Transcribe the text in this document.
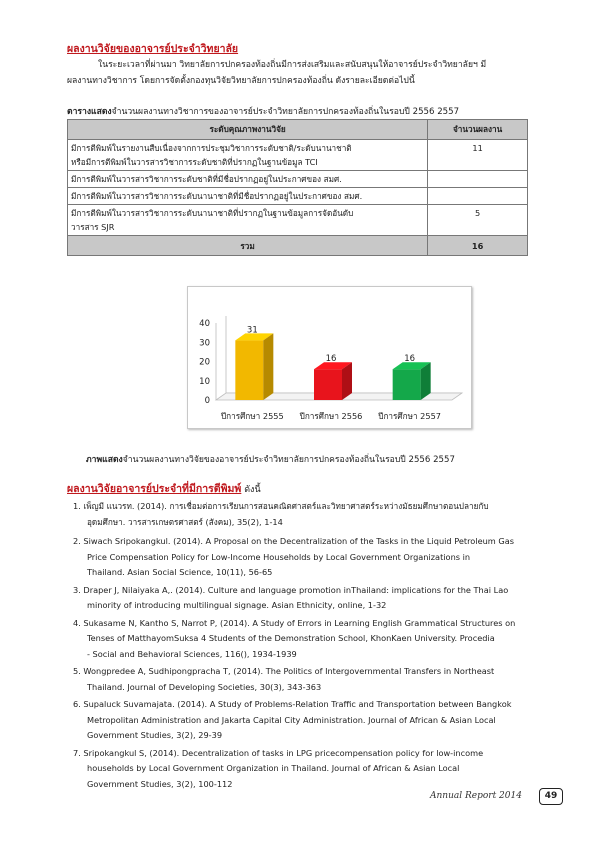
ผลงานวิจัยของอาจารย์ประจำวิทยาลัย
ในระยะเวลาที่ผ่านมา วิทยาลัยการปกครองท้องถิ่นมีการส่งเสริมและสนับสนุนให้อาจารย์ประจำวิทยาลัยฯ มี
ผลงานทางวิชาการ โดยการจัดตั้งกองทุนวิจัยวิทยาลัยการปกครองท้องถิ่น ดังรายละเอียดต่อไปนี้
ตารางแสดงจำนวนผลงานทางวิชาการของอาจารย์ประจำวิทยาลัยการปกครองท้องถิ่นในรอบปี 2556 2557
ระดับคุณภาพงานวิจัย	จำนวนผลงาน

มีการตีพิมพ์ในรายงานสืบเนื่องจากการประชุมวิชาการระดับชาติ/ระดับนานาชาติ
หรือมีการตีพิมพ์ในวารสารวิชาการระดับชาติที่ปรากฏในฐานข้อมูล TCI	11

มีการตีพิมพ์ในวารสารวิชาการระดับชาติที่มีชื่อปรากฏอยู่ในประกาศของ สมศ.	

มีการตีพิมพ์ในวารสารวิชาการระดับนานาชาติที่มีชื่อปรากฏอยู่ในประกาศของ สมศ.	

มีการตีพิมพ์ในวารสารวิชาการระดับนานาชาติที่ปรากฏในฐานข้อมูลการจัดอันดับ
วารสาร SJR	5
รวม	16
0
10
20
30
40
31
ปีการศึกษา 2555
16
ปีการศึกษา 2556
16
ปีการศึกษา 2557
ภาพแสดงจำนวนผลงานทางวิจัยของอาจารย์ประจำวิทยาลัยการปกครองท้องถิ่นในรอบปี 2556 2557
ผลงานวิจัยอาจารย์ประจำที่มีการตีพิมพ์ ดังนี้
1. เพ็ญมี แนวรท. (2014). การเชื่อมต่อการเรียนการสอนคณิตศาสตร์และวิทยาศาสตร์ระหว่างมัธยมศึกษาตอนปลายกับ
อุดมศึกษา. วารสารเกษตรศาสตร์ (สังคม), 35(2), 1-14
2. Siwach Sripokangkul. (2014). A Proposal on the Decentralization of the Tasks in the Liquid Petroleum Gas
Price Compensation Policy for Low-Income Households by Local Government Organizations in
Thailand. Asian Social Science, 10(11), 56-65
3. Draper J, Nilaiyaka A,. (2014). Culture and language promotion inThailand: implications for the Thai Lao
minority of introducing multilingual signage. Asian Ethnicity, online, 1-32
4. Sukasame N, Kantho S, Narrot P, (2014). A Study of Errors in Learning English Grammatical Structures on
Tenses of MatthayomSuksa 4 Students of the Demonstration School, KhonKaen University. Procedia
- Social and Behavioral Sciences, 116(), 1934-1939
5. Wongpredee A, Sudhipongpracha T, (2014). The Politics of Intergovernmental Transfers in Northeast
Thailand. Journal of Developing Societies, 30(3), 343-363
6. Supaluck Suvamajata. (2014). A Study of Problems-Relation Traffic and Transportation between Bangkok
Metropolitan Administration and Jakarta Capital City Administration. Journal of African & Asian Local
Government Studies, 3(2), 29-39
7. Sripokangkul S, (2014). Decentralization of tasks in LPG pricecompensation policy for low-income
households by Local Government Organization in Thailand. Journal of African & Asian Local
Government Studies, 3(2), 100-112
Annual Report 2014	49
